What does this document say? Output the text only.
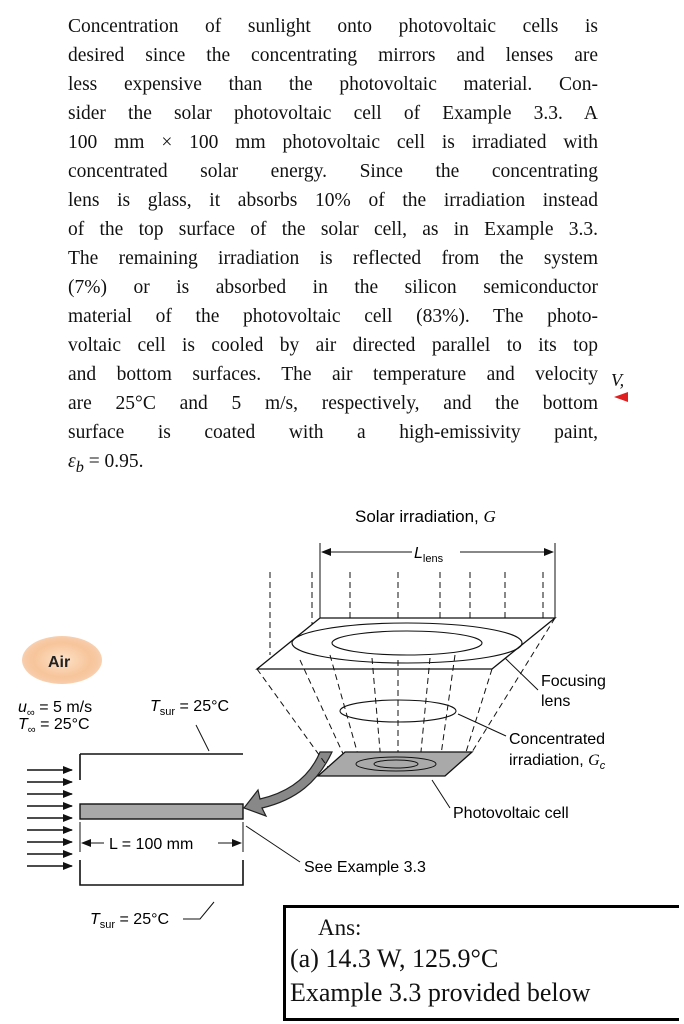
Concentration of sunlight onto photovoltaic cells is
desired since the concentrating mirrors and lenses are
less expensive than the photovoltaic material. Con-
sider the solar photovoltaic cell of Example 3.3. A
100 mm × 100 mm photovoltaic cell is irradiated with
concentrated solar energy. Since the concentrating
lens is glass, it absorbs 10% of the irradiation instead
of the top surface of the solar cell, as in Example 3.3.
The remaining irradiation is reflected from the system
(7%) or is absorbed in the silicon semiconductor
material of the photovoltaic cell (83%). The photo-
voltaic cell is cooled by air directed parallel to its top
and bottom surfaces. The air temperature and velocity
are 25°C and 5 m/s, respectively, and the bottom
surface is coated with a high-emissivity paint,
$\varepsilon_b = 0.95$.
V,
Air
$u_\infty = 5$ m/s
$T_\infty = 25^\circ C$
$T_{sur} = 25^\circ C$
L = 100 mm
$T_{sur} = 25^\circ C$
Solar irradiation, G
$L_{lens}$
Focusing
lens
Concentrated
irradiation, $G_c$
Photovoltaic cell
See Example 3.3
Ans:
(a) 14.3 W, 125.9°C
Example 3.3 provided below
